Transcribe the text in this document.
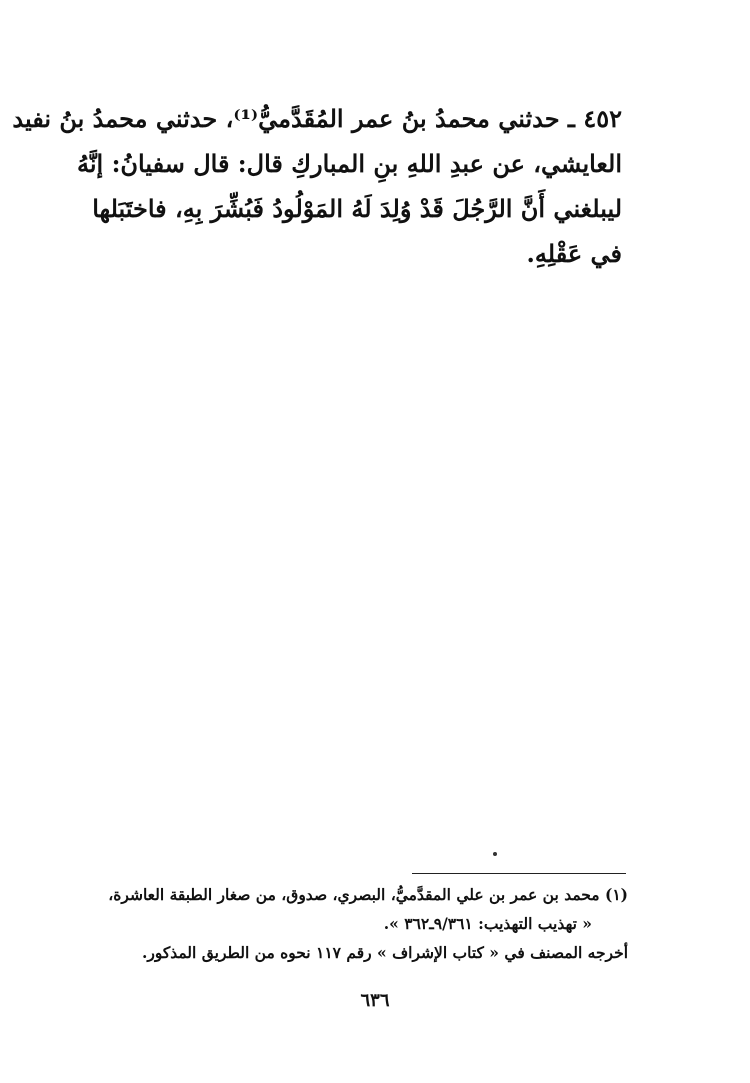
٤٥٢ ـ حدثني محمدُ بنُ عمر المُقَدَّميُّ⁽¹⁾، حدثني محمدُ بنُ نفيد
العايشي، عن عبدِ اللهِ بنِ المباركِ قال: قال سفيانُ: إنَّهُ
ليبلغني أَنَّ الرَّجُلَ قَدْ وُلِدَ لَهُ المَوْلُودُ فَبُشِّرَ بِهِ، فاختَبَلها
في عَقْلِهِ.
(١) محمد بن عمر بن علي المقدَّميُّ، البصري، صدوق، من صغار الطبقة العاشرة،
« تهذيب التهذيب: ٩/٣٦١ـ٣٦٢ ».
أخرجه المصنف في « كتاب الإشراف » رقم ١١٧ نحوه من الطريق المذكور.
٦٣٦
